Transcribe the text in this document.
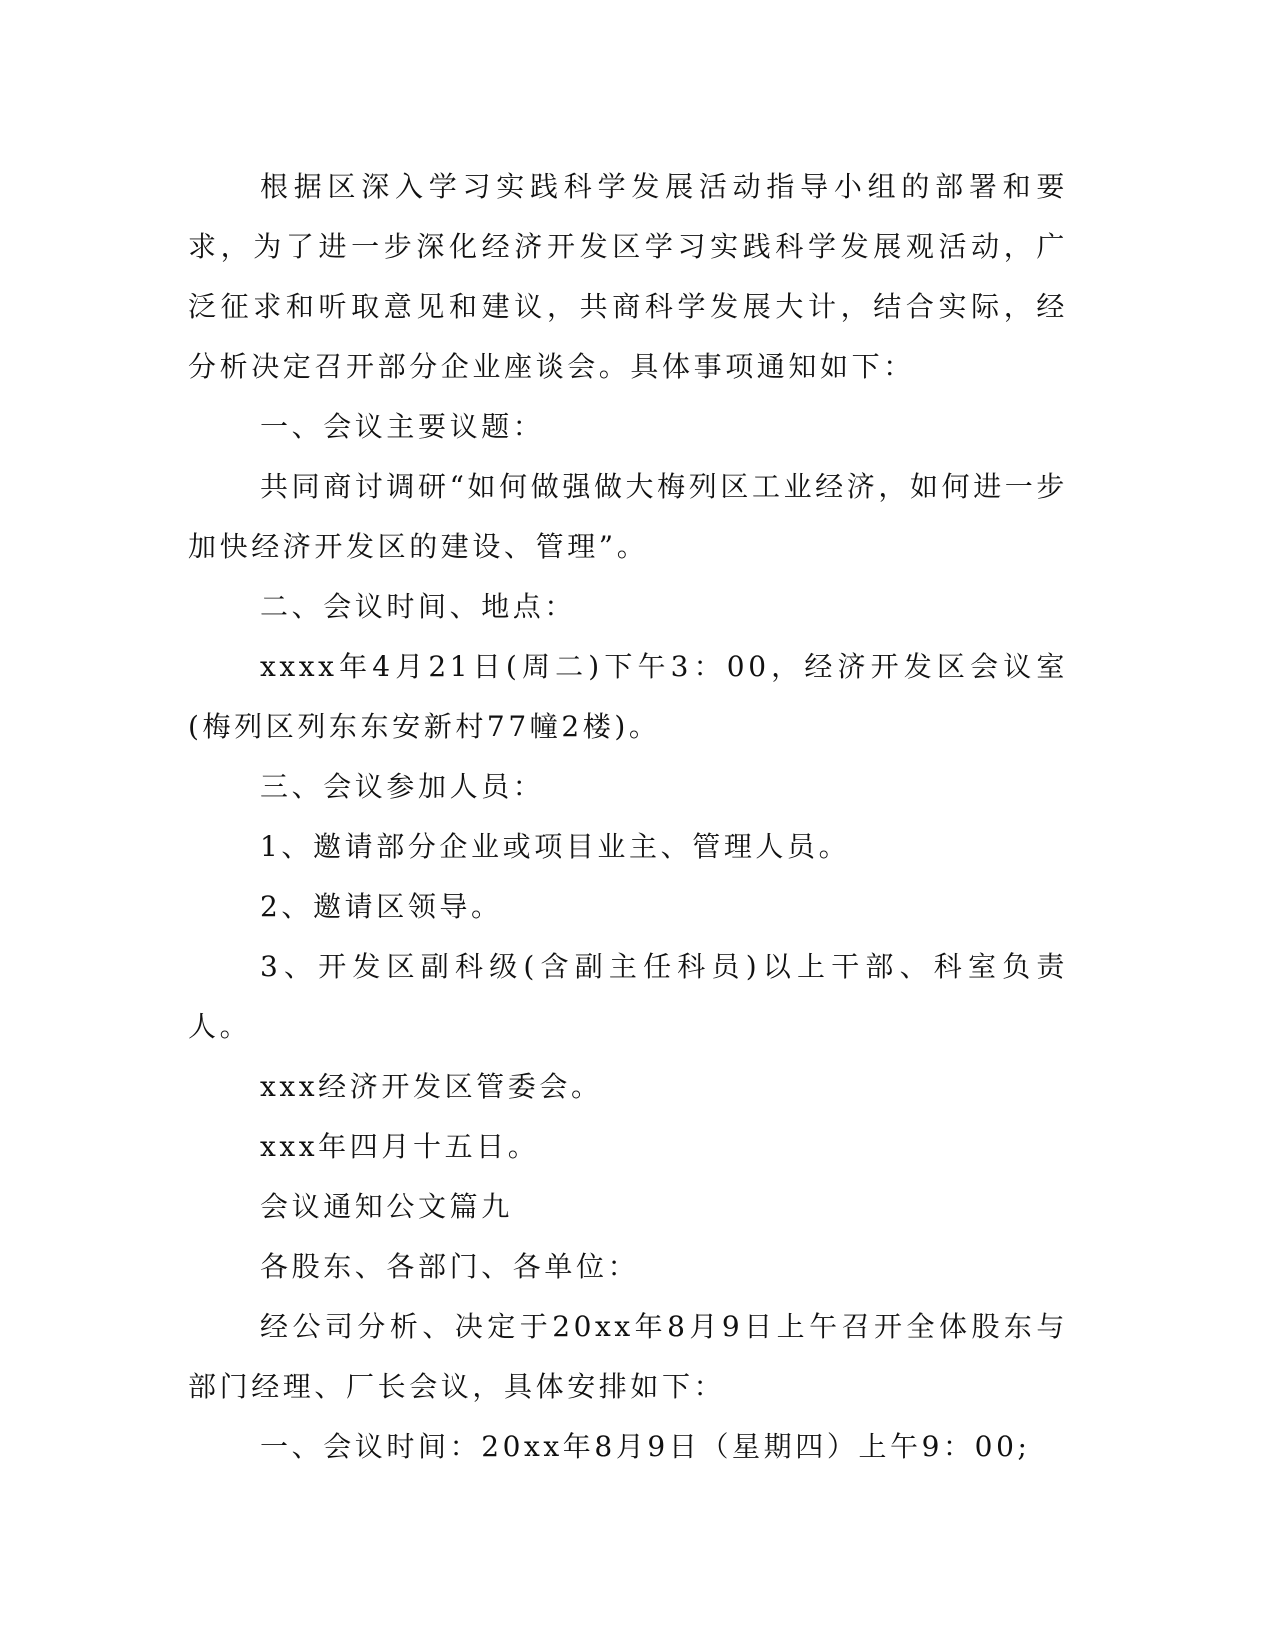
根据区深入学习实践科学发展活动指导小组的部署和要求，为了进一步深化经济开发区学习实践科学发展观活动，广泛征求和听取意见和建议，共商科学发展大计，结合实际，经分析决定召开部分企业座谈会。具体事项通知如下：

一、会议主要议题：

共同商讨调研“如何做强做大梅列区工业经济，如何进一步加快经济开发区的建设、管理”。

二、会议时间、地点：

xxxx年4月21日(周二)下午3：00，经济开发区会议室(梅列区列东东安新村77幢2楼)。

三、会议参加人员：

1、邀请部分企业或项目业主、管理人员。

2、邀请区领导。

3、开发区副科级(含副主任科员)以上干部、科室负责人。

xxx经济开发区管委会。

xxx年四月十五日。

会议通知公文篇九

各股东、各部门、各单位：

经公司分析、决定于20xx年8月9日上午召开全体股东与部门经理、厂长会议，具体安排如下：

一、会议时间：20xx年8月9日（星期四）上午9：00;
